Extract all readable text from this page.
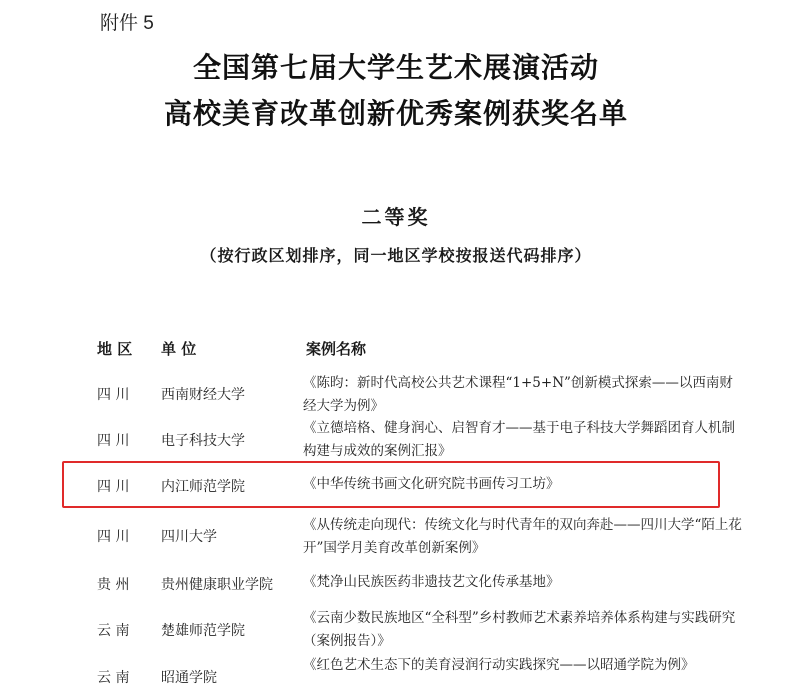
附件 5
全国第七届大学生艺术展演活动
高校美育改革创新优秀案例获奖名单
二等奖
（按行政区划排序，同一地区学校按报送代码排序）
地 区 单 位	案例名称
四 川 西南财经大学
《陈昀：新时代高校公共艺术课程“1+5+N”创新模式探索——以西南财经大学为例》
四 川 电子科技大学
《立德培格、健身润心、启智育才——基于电子科技大学舞蹈团育人机制构建与成效的案例汇报》
四 川 内江师范学院	《中华传统书画文化研究院书画传习工坊》
四 川 四川大学
《从传统走向现代：传统文化与时代青年的双向奔赴——四川大学“陌上花开”国学月美育改革创新案例》
贵 州 贵州健康职业学院 《梵净山民族医药非遗技艺文化传承基地》
云 南 楚雄师范学院
《云南少数民族地区“全科型”乡村教师艺术素养培养体系构建与实践研究（案例报告）》
云 南 昭通学院
《红色艺术生态下的美育浸润行动实践探究——以昭通学院为例》
